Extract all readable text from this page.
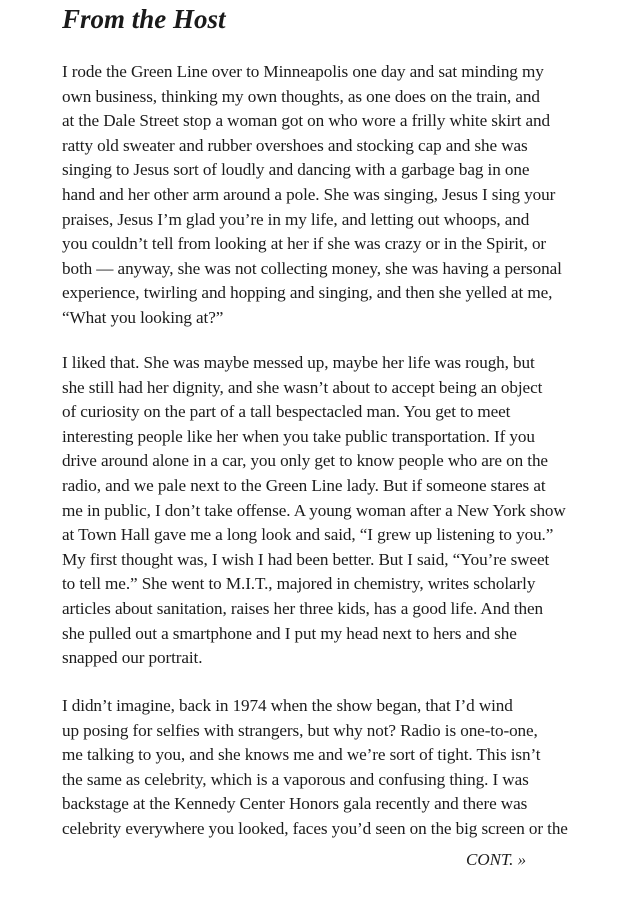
From the Host
I rode the Green Line over to Minneapolis one day and sat minding my
own business, thinking my own thoughts, as one does on the train, and
at the Dale Street stop a woman got on who wore a frilly white skirt and
ratty old sweater and rubber overshoes and stocking cap and she was
singing to Jesus sort of loudly and dancing with a garbage bag in one
hand and her other arm around a pole. She was singing, Jesus I sing your
praises, Jesus I’m glad you’re in my life, and letting out whoops, and
you couldn’t tell from looking at her if she was crazy or in the Spirit, or
both — anyway, she was not collecting money, she was having a personal
experience, twirling and hopping and singing, and then she yelled at me,
“What you looking at?”
I liked that. She was maybe messed up, maybe her life was rough, but
she still had her dignity, and she wasn’t about to accept being an object
of curiosity on the part of a tall bespectacled man. You get to meet
interesting people like her when you take public transportation. If you
drive around alone in a car, you only get to know people who are on the
radio, and we pale next to the Green Line lady. But if someone stares at
me in public, I don’t take offense. A young woman after a New York show
at Town Hall gave me a long look and said, “I grew up listening to you.”
My first thought was, I wish I had been better. But I said, “You’re sweet
to tell me.” She went to M.I.T., majored in chemistry, writes scholarly
articles about sanitation, raises her three kids, has a good life. And then
she pulled out a smartphone and I put my head next to hers and she
snapped our portrait.
I didn’t imagine, back in 1974 when the show began, that I’d wind
up posing for selfies with strangers, but why not? Radio is one-to-one,
me talking to you, and she knows me and we’re sort of tight. This isn’t
the same as celebrity, which is a vaporous and confusing thing. I was
backstage at the Kennedy Center Honors gala recently and there was
celebrity everywhere you looked, faces you’d seen on the big screen or the
CONT. »
